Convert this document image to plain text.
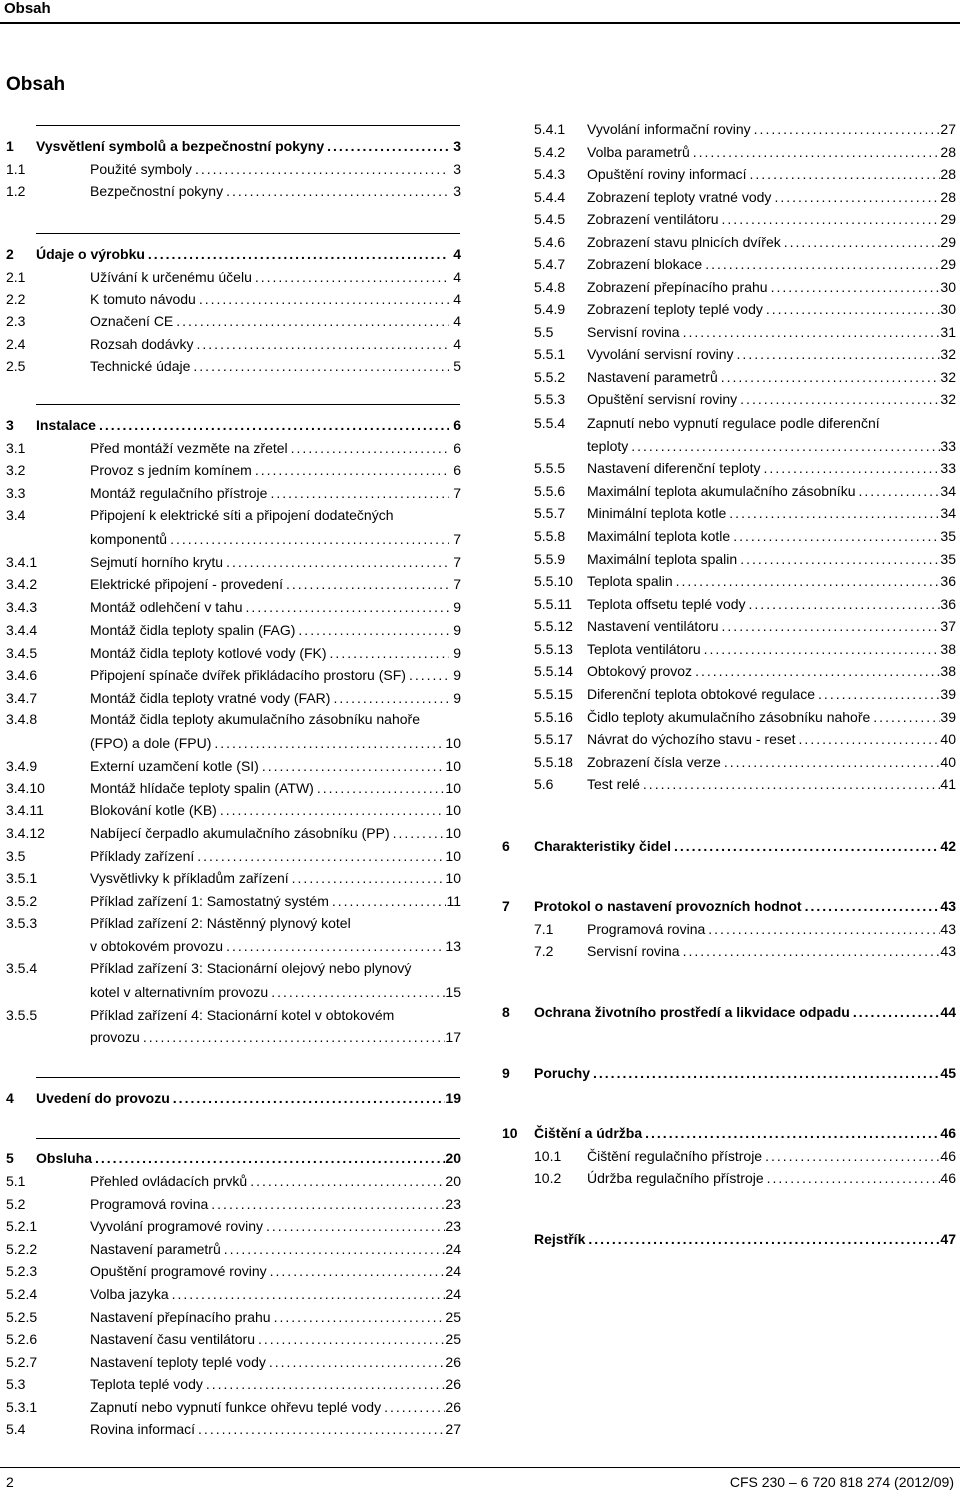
Obsah
Obsah
1 Vysvětlení symbolů a bezpečnostní pokyny .....	3
1.1	Použité symboly .....	3
1.2	Bezpečnostní pokyny .....	3
2 Údaje o výrobku .....	4
2.1	Užívání k určenému účelu .....	4
2.2	K tomuto návodu .....	4
2.3	Označení CE .....	4
2.4	Rozsah dodávky .....	4
2.5	Technické údaje .....	5
3 Instalace .....	6
3.1	Před montáží vezměte na zřetel .....	6
3.2	Provoz s jedním komínem .....	6
3.3	Montáž regulačního přístroje .....	7
3.4	Připojení k elektrické síti a připojení dodatečných
komponentů .....	7
3.4.1	Sejmutí horního krytu .....	7
3.4.2	Elektrické připojení - provedení .....	7
3.4.3	Montáž odlehčení v tahu .....	9
3.4.4	Montáž čidla teploty spalin (FAG) .....	9
3.4.5	Montáž čidla teploty kotlové vody (FK) .....	9
3.4.6	Připojení spínače dvířek přikládacího prostoru (SF) .....	9
3.4.7	Montáž čidla teploty vratné vody (FAR) .....	9
3.4.8	Montáž čidla teploty akumulačního zásobníku nahoře
(FPO) a dole (FPU) .....	10
3.4.9	Externí uzamčení kotle (SI) .....	10
3.4.10	Montáž hlídače teploty spalin (ATW) .....	10
3.4.11	Blokování kotle (KB) .....	10
3.4.12	Nabíjecí čerpadlo akumulačního zásobníku (PP) .....	10
3.5	Příklady zařízení .....	10
3.5.1	Vysvětlivky k příkladům zařízení .....	10
3.5.2	Příklad zařízení 1: Samostatný systém .....	11
3.5.3	Příklad zařízení 2: Nástěnný plynový kotel
v obtokovém provozu .....	13
3.5.4	Příklad zařízení 3: Stacionární olejový nebo plynový
kotel v alternativním provozu .....	15
3.5.5	Příklad zařízení 4: Stacionární kotel v obtokovém
provozu .....	17
4 Uvedení do provozu .....	19
5 Obsluha .....	20
5.1	Přehled ovládacích prvků .....	20
5.2	Programová rovina .....	23
5.2.1	Vyvolání programové roviny .....	23
5.2.2	Nastavení parametrů .....	24
5.2.3	Opuštění programové roviny .....	24
5.2.4	Volba jazyka .....	24
5.2.5	Nastavení přepínacího prahu .....	25
5.2.6	Nastavení času ventilátoru .....	25
5.2.7	Nastavení teploty teplé vody .....	26
5.3	Teplota teplé vody .....	26
5.3.1	Zapnutí nebo vypnutí funkce ohřevu teplé vody .....	26
5.4	Rovina informací .....	27
5.4.1 Vyvolání informační roviny .....	27
5.4.2 Volba parametrů .....	28
5.4.3 Opuštění roviny informací .....	28
5.4.4 Zobrazení teploty vratné vody .....	28
5.4.5 Zobrazení ventilátoru .....	29
5.4.6 Zobrazení stavu plnicích dvířek .....	29
5.4.7 Zobrazení blokace .....	29
5.4.8 Zobrazení přepínacího prahu .....	30
5.4.9 Zobrazení teploty teplé vody .....	30
5.5 Servisní rovina .....	31
5.5.1 Vyvolání servisní roviny .....	32
5.5.2 Nastavení parametrů .....	32
5.5.3 Opuštění servisní roviny .....	32
5.5.4 Zapnutí nebo vypnutí regulace podle diferenční
teploty .....	33
5.5.5 Nastavení diferenční teploty .....	33
5.5.6 Maximální teplota akumulačního zásobníku .....	34
5.5.7 Minimální teplota kotle .....	34
5.5.8 Maximální teplota kotle .....	35
5.5.9 Maximální teplota spalin .....	35
5.5.10 Teplota spalin .....	36
5.5.11 Teplota offsetu teplé vody .....	36
5.5.12 Nastavení ventilátoru .....	37
5.5.13 Teplota ventilátoru .....	38
5.5.14 Obtokový provoz .....	38
5.5.15 Diferenční teplota obtokové regulace .....	39
5.5.16 Čidlo teploty akumulačního zásobníku nahoře .....	39
5.5.17 Návrat do výchozího stavu - reset .....	40
5.5.18 Zobrazení čísla verze .....	40
5.6 Test relé .....	41
6 Charakteristiky čidel .....	42
7 Protokol o nastavení provozních hodnot .....	43
7.1 Programová rovina .....	43
7.2 Servisní rovina .....	43
8 Ochrana životního prostředí a likvidace odpadu .....	44
9 Poruchy .....	45
10 Čištění a údržba .....	46
10.1 Čištění regulačního přístroje .....	46
10.2 Údržba regulačního přístroje .....	46
Rejstřík .....	47
2	CFS 230 – 6 720 818 274 (2012/09)
